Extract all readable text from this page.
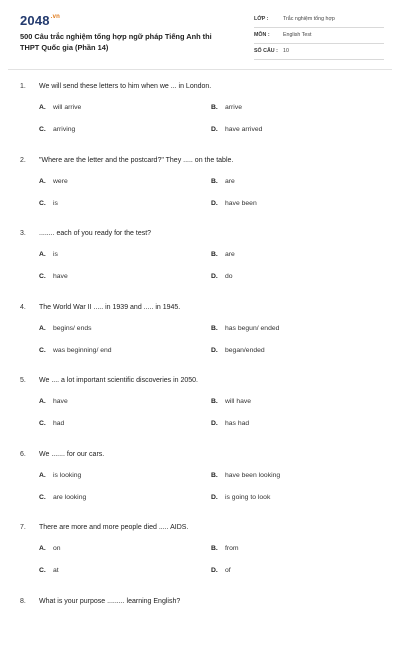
$2048^{.vn}$
500 Câu trắc nghiệm tổng hợp ngữ pháp Tiếng Anh thi
THPT Quốc gia (Phần 14)
LỚP :	Trắc nghiệm tổng hợp
MÔN :	English Test
SỐ CÂU : 10
1. We will send these letters to him when we ... in London.
A. will arrive	B. arrive
C. arriving	D. have arrived
2. "Where are the letter and the postcard?" They ..... on the table.
A. were	B. are
C. is	D. have been
3. ........ each of you ready for the test?
A. is	B. are
C. have	D. do
4. The World War II ..... in 1939 and ..... in 1945.
A. begins/ ends	B. has begun/ ended
C. was beginning/ end	D. began/ended
5. We .... a lot important scientific discoveries in 2050.
A. have	B. will have
C. had	D. has had
6. We ....... for our cars.
A. is looking	B. have been looking
C. are looking	D. is going to look
7. There are more and more people died ..... AIDS.
A. on	B. from
C. at	D. of
8. What is your purpose ......... learning English?
